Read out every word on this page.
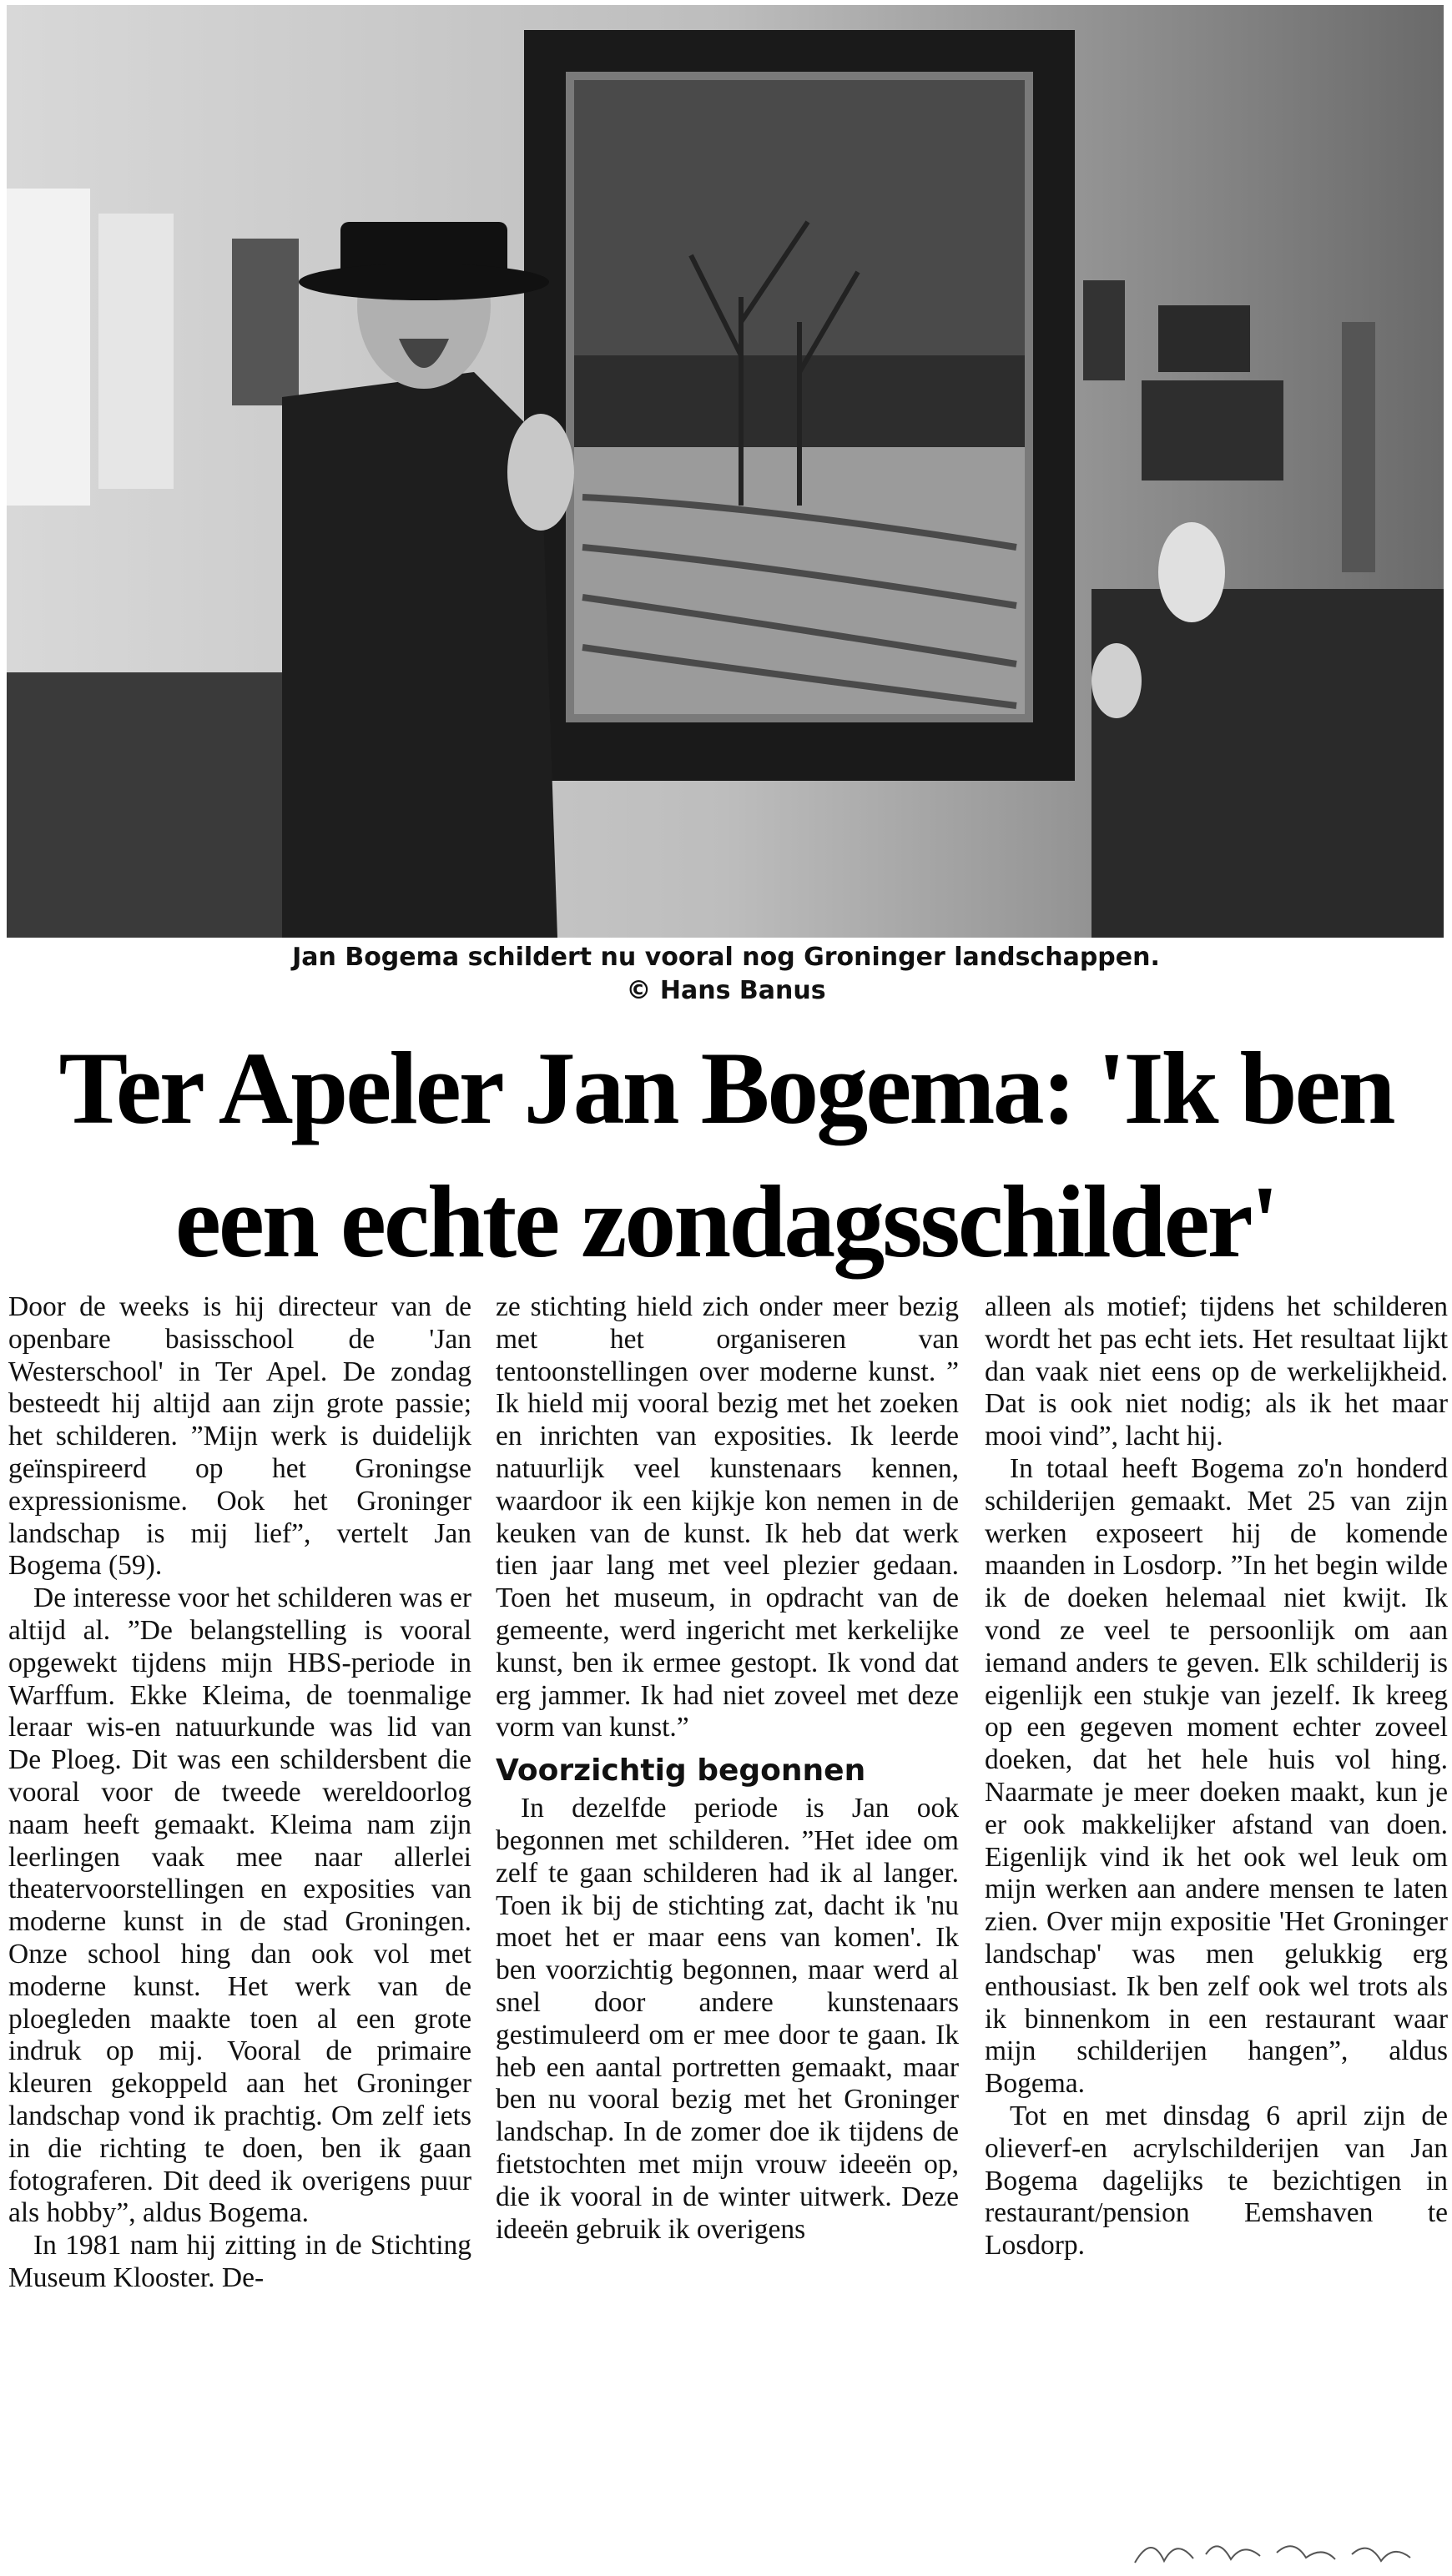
Jan Bogema schildert nu vooral nog Groninger landschappen.
© Hans Banus
Ter Apeler Jan Bogema: 'Ik ben
een echte zondagsschilder'

Door de weeks is hij directeur van de openbare basisschool de 'Jan Westerschool' in Ter Apel. De zondag besteedt hij altijd aan zijn grote passie; het schilderen. ”Mijn werk is duidelijk geïnspireerd op het Groningse expressionisme. Ook het Groninger landschap is mij lief”, vertelt Jan Bogema (59).

De interesse voor het schilderen was er altijd al. ”De belangstelling is vooral opgewekt tijdens mijn HBS-periode in Warffum. Ekke Kleima, de toenmalige leraar wis-en natuurkunde was lid van De Ploeg. Dit was een schildersbent die vooral voor de tweede wereldoorlog naam heeft gemaakt. Kleima nam zijn leerlingen vaak mee naar allerlei theatervoorstellingen en exposities van moderne kunst in de stad Groningen. Onze school hing dan ook vol met moderne kunst. Het werk van de ploegleden maakte toen al een grote indruk op mij. Vooral de primaire kleuren gekoppeld aan het Groninger landschap vond ik prachtig. Om zelf iets in die richting te doen, ben ik gaan fotograferen. Dit deed ik overigens puur als hobby”, aldus Bogema.

In 1981 nam hij zitting in de Stichting Museum Klooster. De-

ze stichting hield zich onder meer bezig met het organiseren van tentoonstellingen over moderne kunst. ” Ik hield mij vooral bezig met het zoeken en inrichten van exposities. Ik leerde natuurlijk veel kunstenaars kennen, waardoor ik een kijkje kon nemen in de keuken van de kunst. Ik heb dat werk tien jaar lang met veel plezier gedaan. Toen het museum, in opdracht van de gemeente, werd ingericht met kerkelijke kunst, ben ik ermee gestopt. Ik vond dat erg jammer. Ik had niet zoveel met deze vorm van kunst.”

Voorzichtig begonnen

In dezelfde periode is Jan ook begonnen met schilderen. ”Het idee om zelf te gaan schilderen had ik al langer. Toen ik bij de stichting zat, dacht ik 'nu moet het er maar eens van komen'. Ik ben voorzichtig begonnen, maar werd al snel door andere kunstenaars gestimuleerd om er mee door te gaan. Ik heb een aantal portretten gemaakt, maar ben nu vooral bezig met het Groninger landschap. In de zomer doe ik tijdens de fietstochten met mijn vrouw ideeën op, die ik vooral in de winter uitwerk. Deze ideeën gebruik ik overigens

alleen als motief; tijdens het schilderen wordt het pas echt iets. Het resultaat lijkt dan vaak niet eens op de werkelijkheid. Dat is ook niet nodig; als ik het maar mooi vind”, lacht hij.

In totaal heeft Bogema zo'n honderd schilderijen gemaakt. Met 25 van zijn werken exposeert hij de komende maanden in Losdorp. ”In het begin wilde ik de doeken helemaal niet kwijt. Ik vond ze veel te persoonlijk om aan iemand anders te geven. Elk schilderij is eigenlijk een stukje van jezelf. Ik kreeg op een gegeven moment echter zoveel doeken, dat het hele huis vol hing. Naarmate je meer doeken maakt, kun je er ook makkelijker afstand van doen. Eigenlijk vind ik het ook wel leuk om mijn werken aan andere mensen te laten zien. Over mijn expositie 'Het Groninger landschap' was men gelukkig erg enthousiast. Ik ben zelf ook wel trots als ik binnenkom in een restaurant waar mijn schilderijen hangen”, aldus Bogema.

Tot en met dinsdag 6 april zijn de olieverf-en acrylschilderijen van Jan Bogema dagelijks te bezichtigen in restaurant/pension Eemshaven te Losdorp.
